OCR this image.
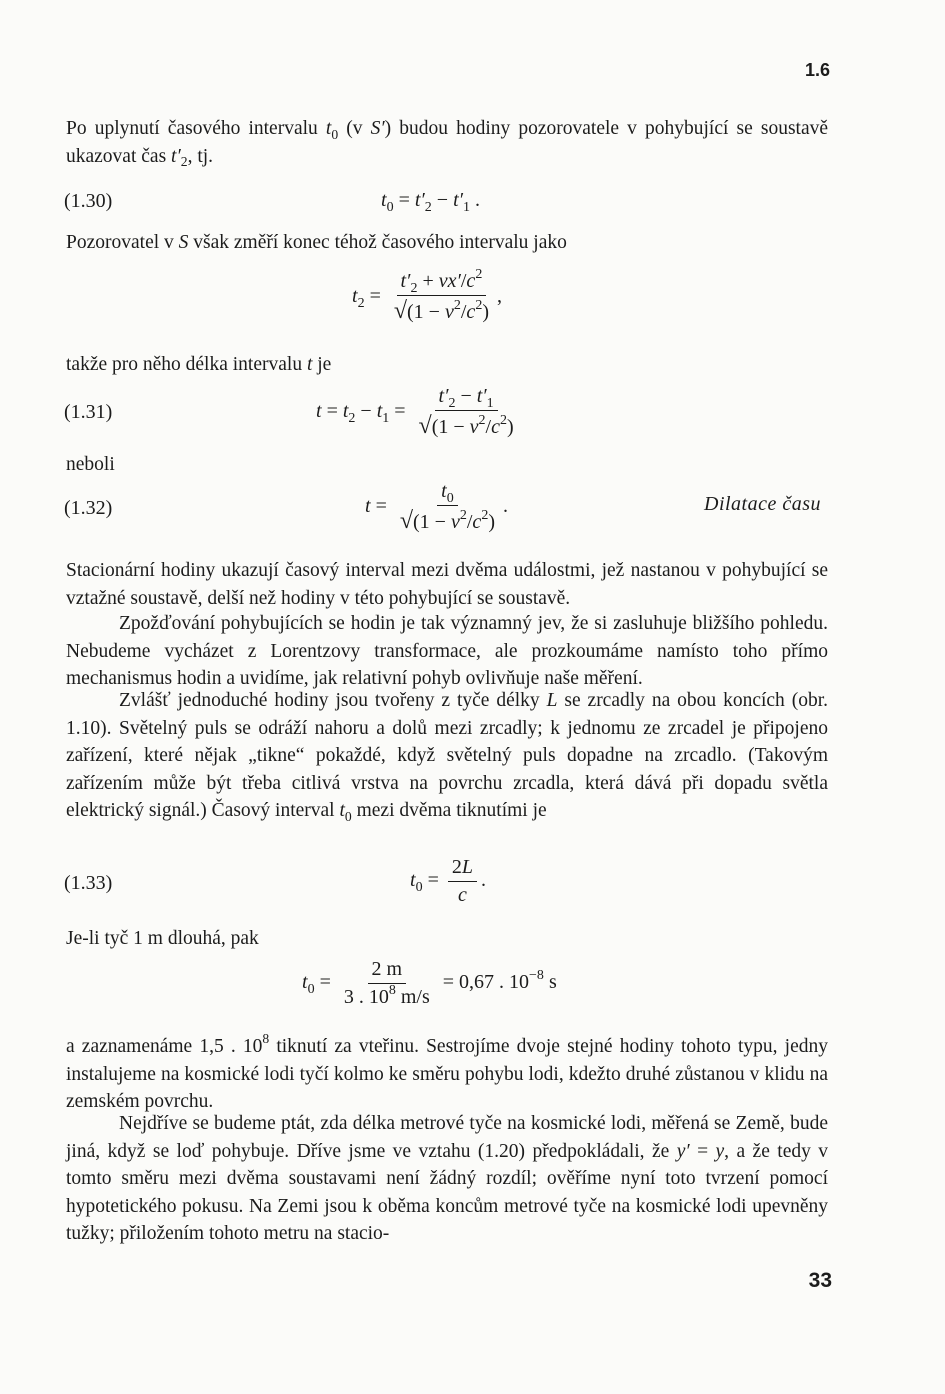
1.6
Po uplynutí časového intervalu $t_0$ (v S′) budou hodiny pozorovatele v pohybující se soustavě ukazovat čas $t'_2$, tj.
(1.30)	$t_0 = t'_2 - t'_1$ .
Pozorovatel v S však změří konec téhož časového intervalu jako
$t_2 = \frac{t'_2 + vx'/c^2}{√(1 - v^2/c^2)}$ ,
takže pro něho délka intervalu t je
(1.31)	$t = t_2 - t_1 = \frac{t'_2 - t'_1}{√(1 - v^2/c^2)}$
neboli
(1.32)	$t = \frac{t_0}{√(1 - v^2/c^2)}$ .	Dilatace času
Stacionární hodiny ukazují časový interval mezi dvěma událostmi, jež nastanou v pohybující se vztažné soustavě, delší než hodiny v této pohybující se soustavě.
Zpožďování pohybujících se hodin je tak významný jev, že si zasluhuje bližšího pohledu. Nebudeme vycházet z Lorentzovy transformace, ale prozkoumáme namísto toho přímo mechanismus hodin a uvidíme, jak relativní pohyb ovlivňuje naše měření.
Zvlášť jednoduché hodiny jsou tvořeny z tyče délky L se zrcadly na obou koncích (obr. 1.10). Světelný puls se odráží nahoru a dolů mezi zrcadly; k jednomu ze zrcadel je připojeno zařízení, které nějak „tikne“ pokaždé, když světelný puls dopadne na zrcadlo. (Takovým zařízením může být třeba citlivá vrstva na povrchu zrcadla, která dává při dopadu světla elektrický signál.) Časový interval $t_0$ mezi dvěma tiknutími je
(1.33)	$t_0 = \frac{2L}{c}$ .
Je-li tyč 1 m dlouhá, pak
$t_0 = \frac{2 m}{3 . 10^8 m/s} = 0,67$ . $10^{-8}$ s
a zaznamenáme 1,5 . $10^8$ tiknutí za vteřinu. Sestrojíme dvoje stejné hodiny tohoto typu, jedny instalujeme na kosmické lodi tyčí kolmo ke směru pohybu lodi, kdežto druhé zůstanou v klidu na zemském povrchu.
Nejdříve se budeme ptát, zda délka metrové tyče na kosmické lodi, měřená se Země, bude jiná, když se loď pohybuje. Dříve jsme ve vztahu (1.20) předpokládali, že y′ = y, a že tedy v tomto směru mezi dvěma soustavami není žádný rozdíl; ověříme nyní toto tvrzení pomocí hypotetického pokusu. Na Zemi jsou k oběma koncům metrové tyče na kosmické lodi upevněny tužky; přiložením tohoto metru na stacio-
33
